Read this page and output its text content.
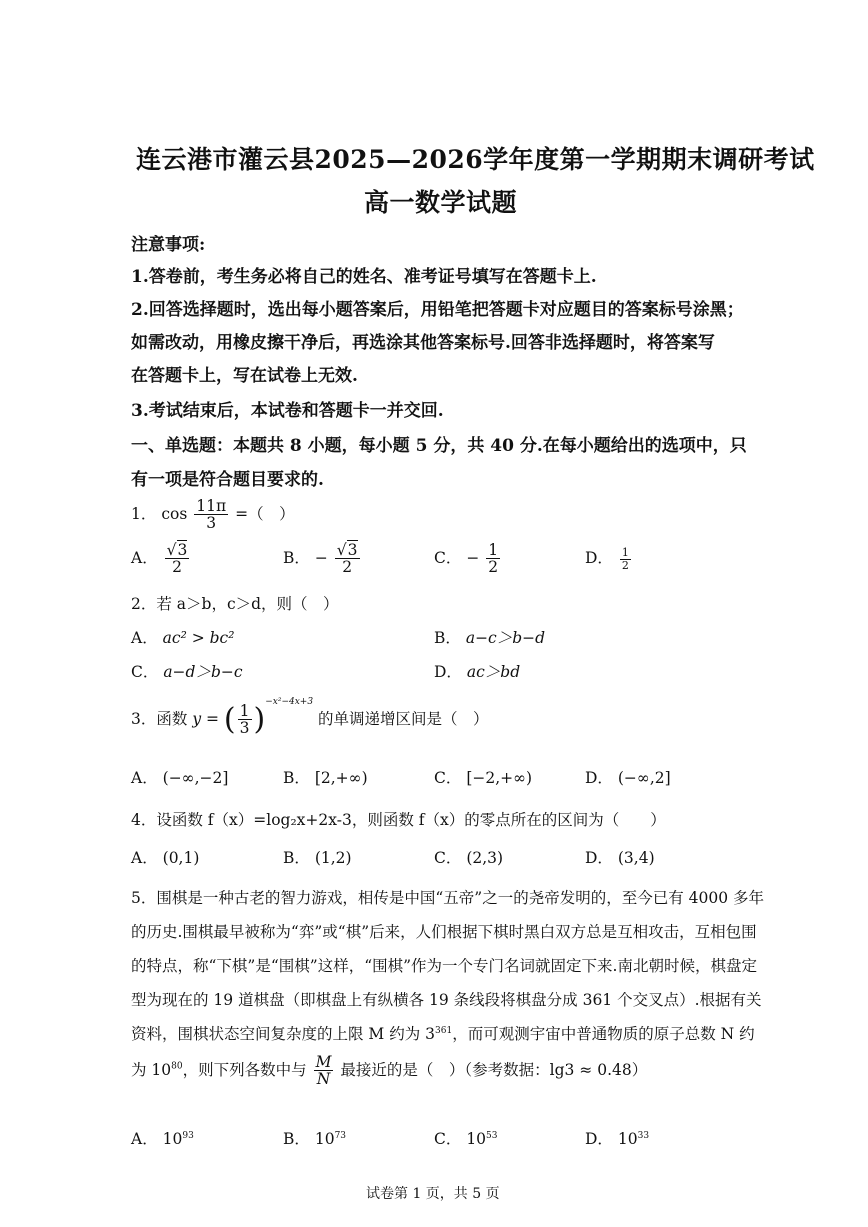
连云港市灌云县2025—2026学年度第一学期期末调研考试
高一数学试题
注意事项:
1.答卷前，考生务必将自己的姓名、准考证号填写在答题卡上.
2.回答选择题时，选出每小题答案后，用铅笔把答题卡对应题目的答案标号涂黑；
如需改动，用橡皮擦干净后，再选涂其他答案标号.回答非选择题时，将答案写
在答题卡上，写在试卷上无效.
3.考试结束后，本试卷和答题卡一并交回.
一、单选题：本题共 8 小题，每小题 5 分，共 40 分.在每小题给出的选项中，只
有一项是符合题目要求的.
1． $\cos \frac{11\pi}{3}$ =（　）
A． $\frac{√3}{2}$	B． − $\frac{√3}{2}$	C． − $\frac{1}{2}$	D． $\frac{1}{2}$
2．若 a＞b，c＞d，则（　）
A． ac² > bc²	B． a−c＞b−d
C． a−d＞b−c	D． ac＞bd
3．函数 y = ( $\frac{1}{3} )^{-x^2-4x+3}$ 的单调递增区间是（　）
A． (−∞,−2]	B． [2,+∞)	C． [−2,+∞)	D． (−∞,2]
4．设函数 f（x）=log₂x+2x-3，则函数 f（x）的零点所在的区间为（　　）
A． (0,1)	B． (1,2)	C． (2,3)	D． (3,4)
5．围棋是一种古老的智力游戏，相传是中国“五帝”之一的尧帝发明的，至今已有 4000 多年
的历史.围棋最早被称为“弈”或“棋”后来，人们根据下棋时黑白双方总是互相攻击，互相包围
的特点，称“下棋”是“围棋”这样，“围棋”作为一个专门名词就固定下来.南北朝时候，棋盘定
型为现在的 19 道棋盘（即棋盘上有纵横各 19 条线段将棋盘分成 361 个交叉点）.根据有关
资料，围棋状态空间复杂度的上限 M 约为 $3^{361}$，而可观测宇宙中普通物质的原子总数 N 约
为 $10^{80}$，则下列各数中与 $\frac{M}{N}$ 最接近的是（　）（参考数据：lg3 ≈ 0.48）
A． $10^{93}$	B． $10^{73}$	C． $10^{53}$	D． $10^{33}$
试卷第 1 页，共 5 页
